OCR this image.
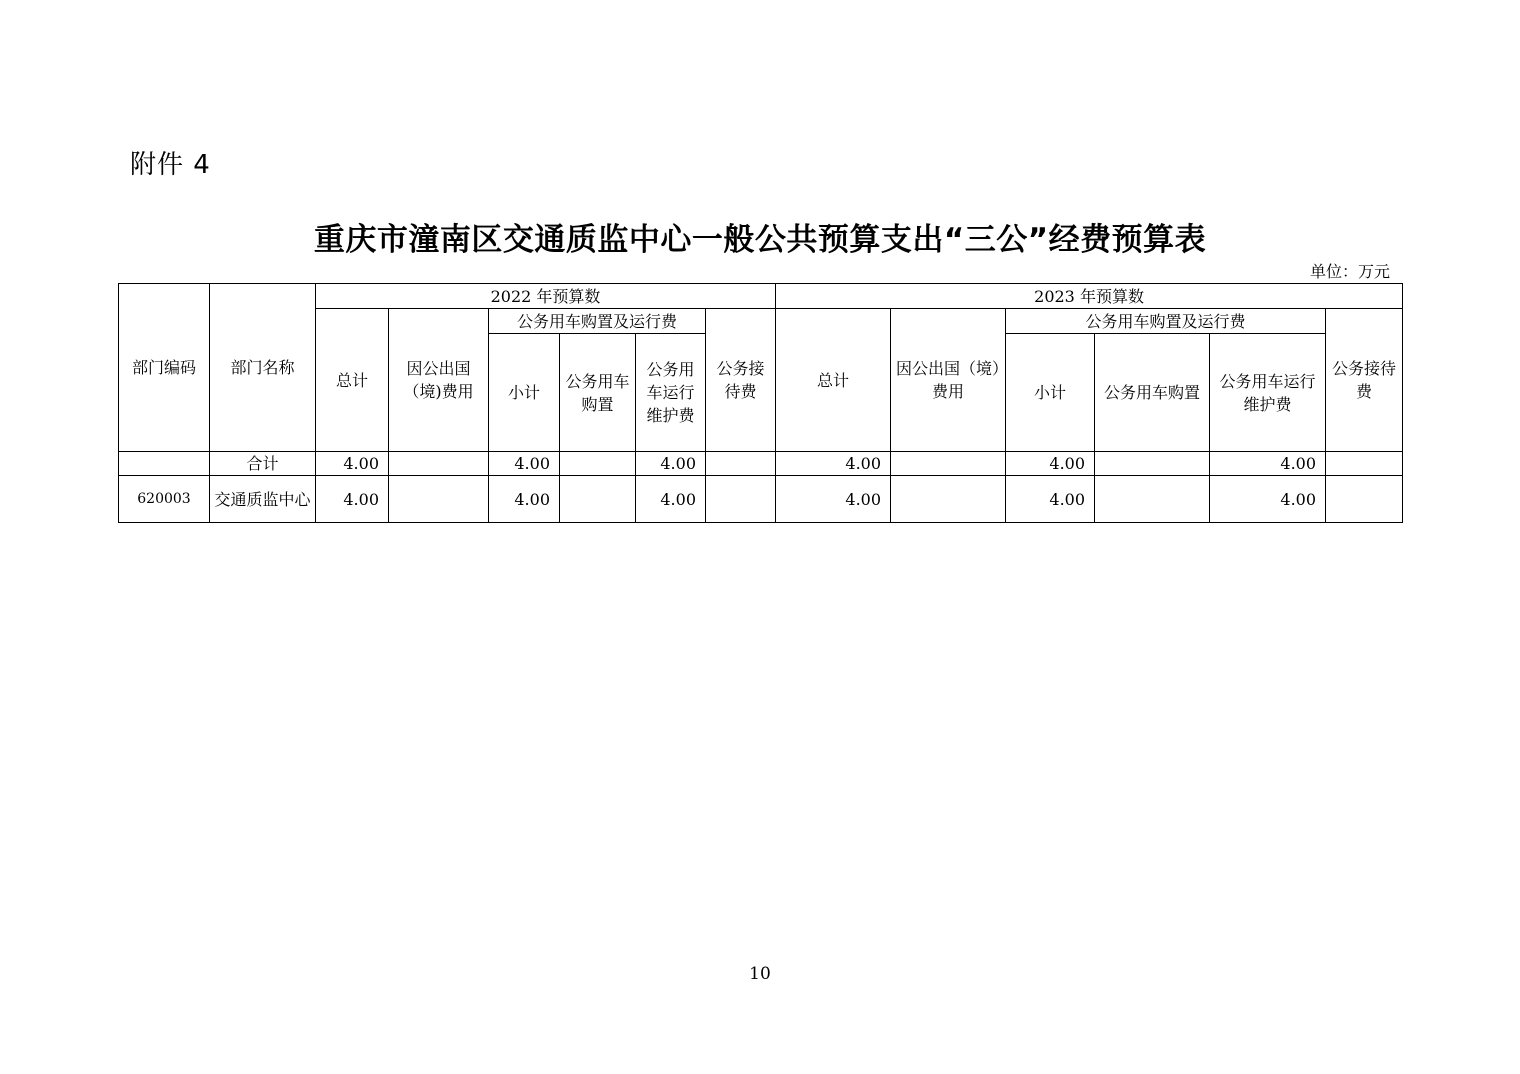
附件 4
重庆市潼南区交通质监中心一般公共预算支出“三公”经费预算表
单位：万元
部门编码	部门名称	2022 年预算数						2023 年预算数					
		总计	因公出国（境)费用	公务用车购置及运行费			公务接待费	总计	因公出国（境）费用	公务用车购置及运行费			公务接待费
				小计	公务用车购置	公务用车运行维护费				小计	公务用车购置	公务用车运行维护费	
	合计	4.00		4.00		4.00		4.00		4.00		4.00	
620003	交通质监中心	4.00		4.00		4.00		4.00		4.00		4.00	
10
